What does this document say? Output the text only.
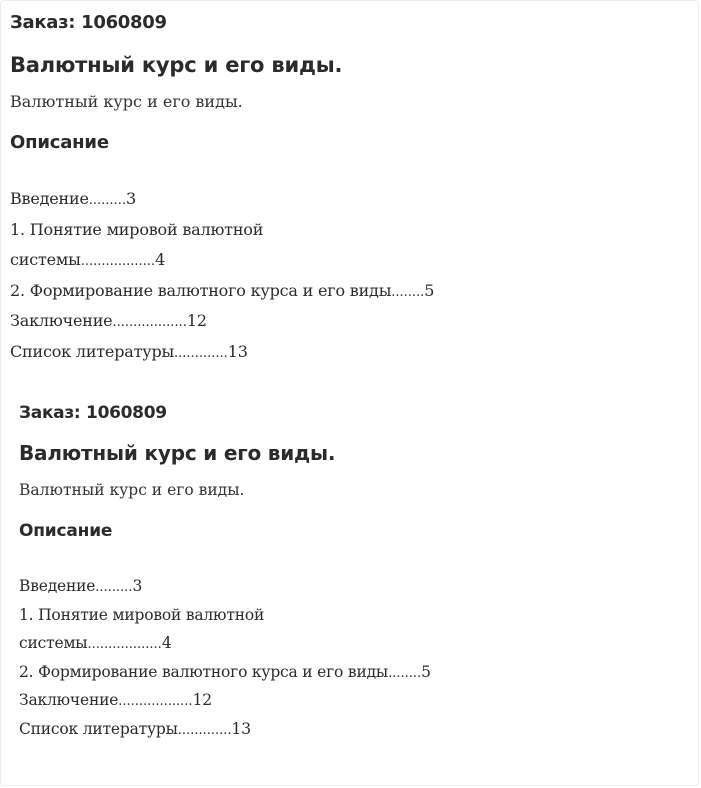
Заказ: 1060809

Валютный курс и его виды.

Валютный курс и его виды.

Описание
Введение.........3
1. Понятие мировой валютной
системы..................4
2. Формирование валютного курса и его виды........5
Заключение..................12
Список литературы.............13

Заказ: 1060809

Валютный курс и его виды.

Валютный курс и его виды.

Описание
Введение.........3
1. Понятие мировой валютной
системы..................4
2. Формирование валютного курса и его виды........5
Заключение..................12
Список литературы.............13
